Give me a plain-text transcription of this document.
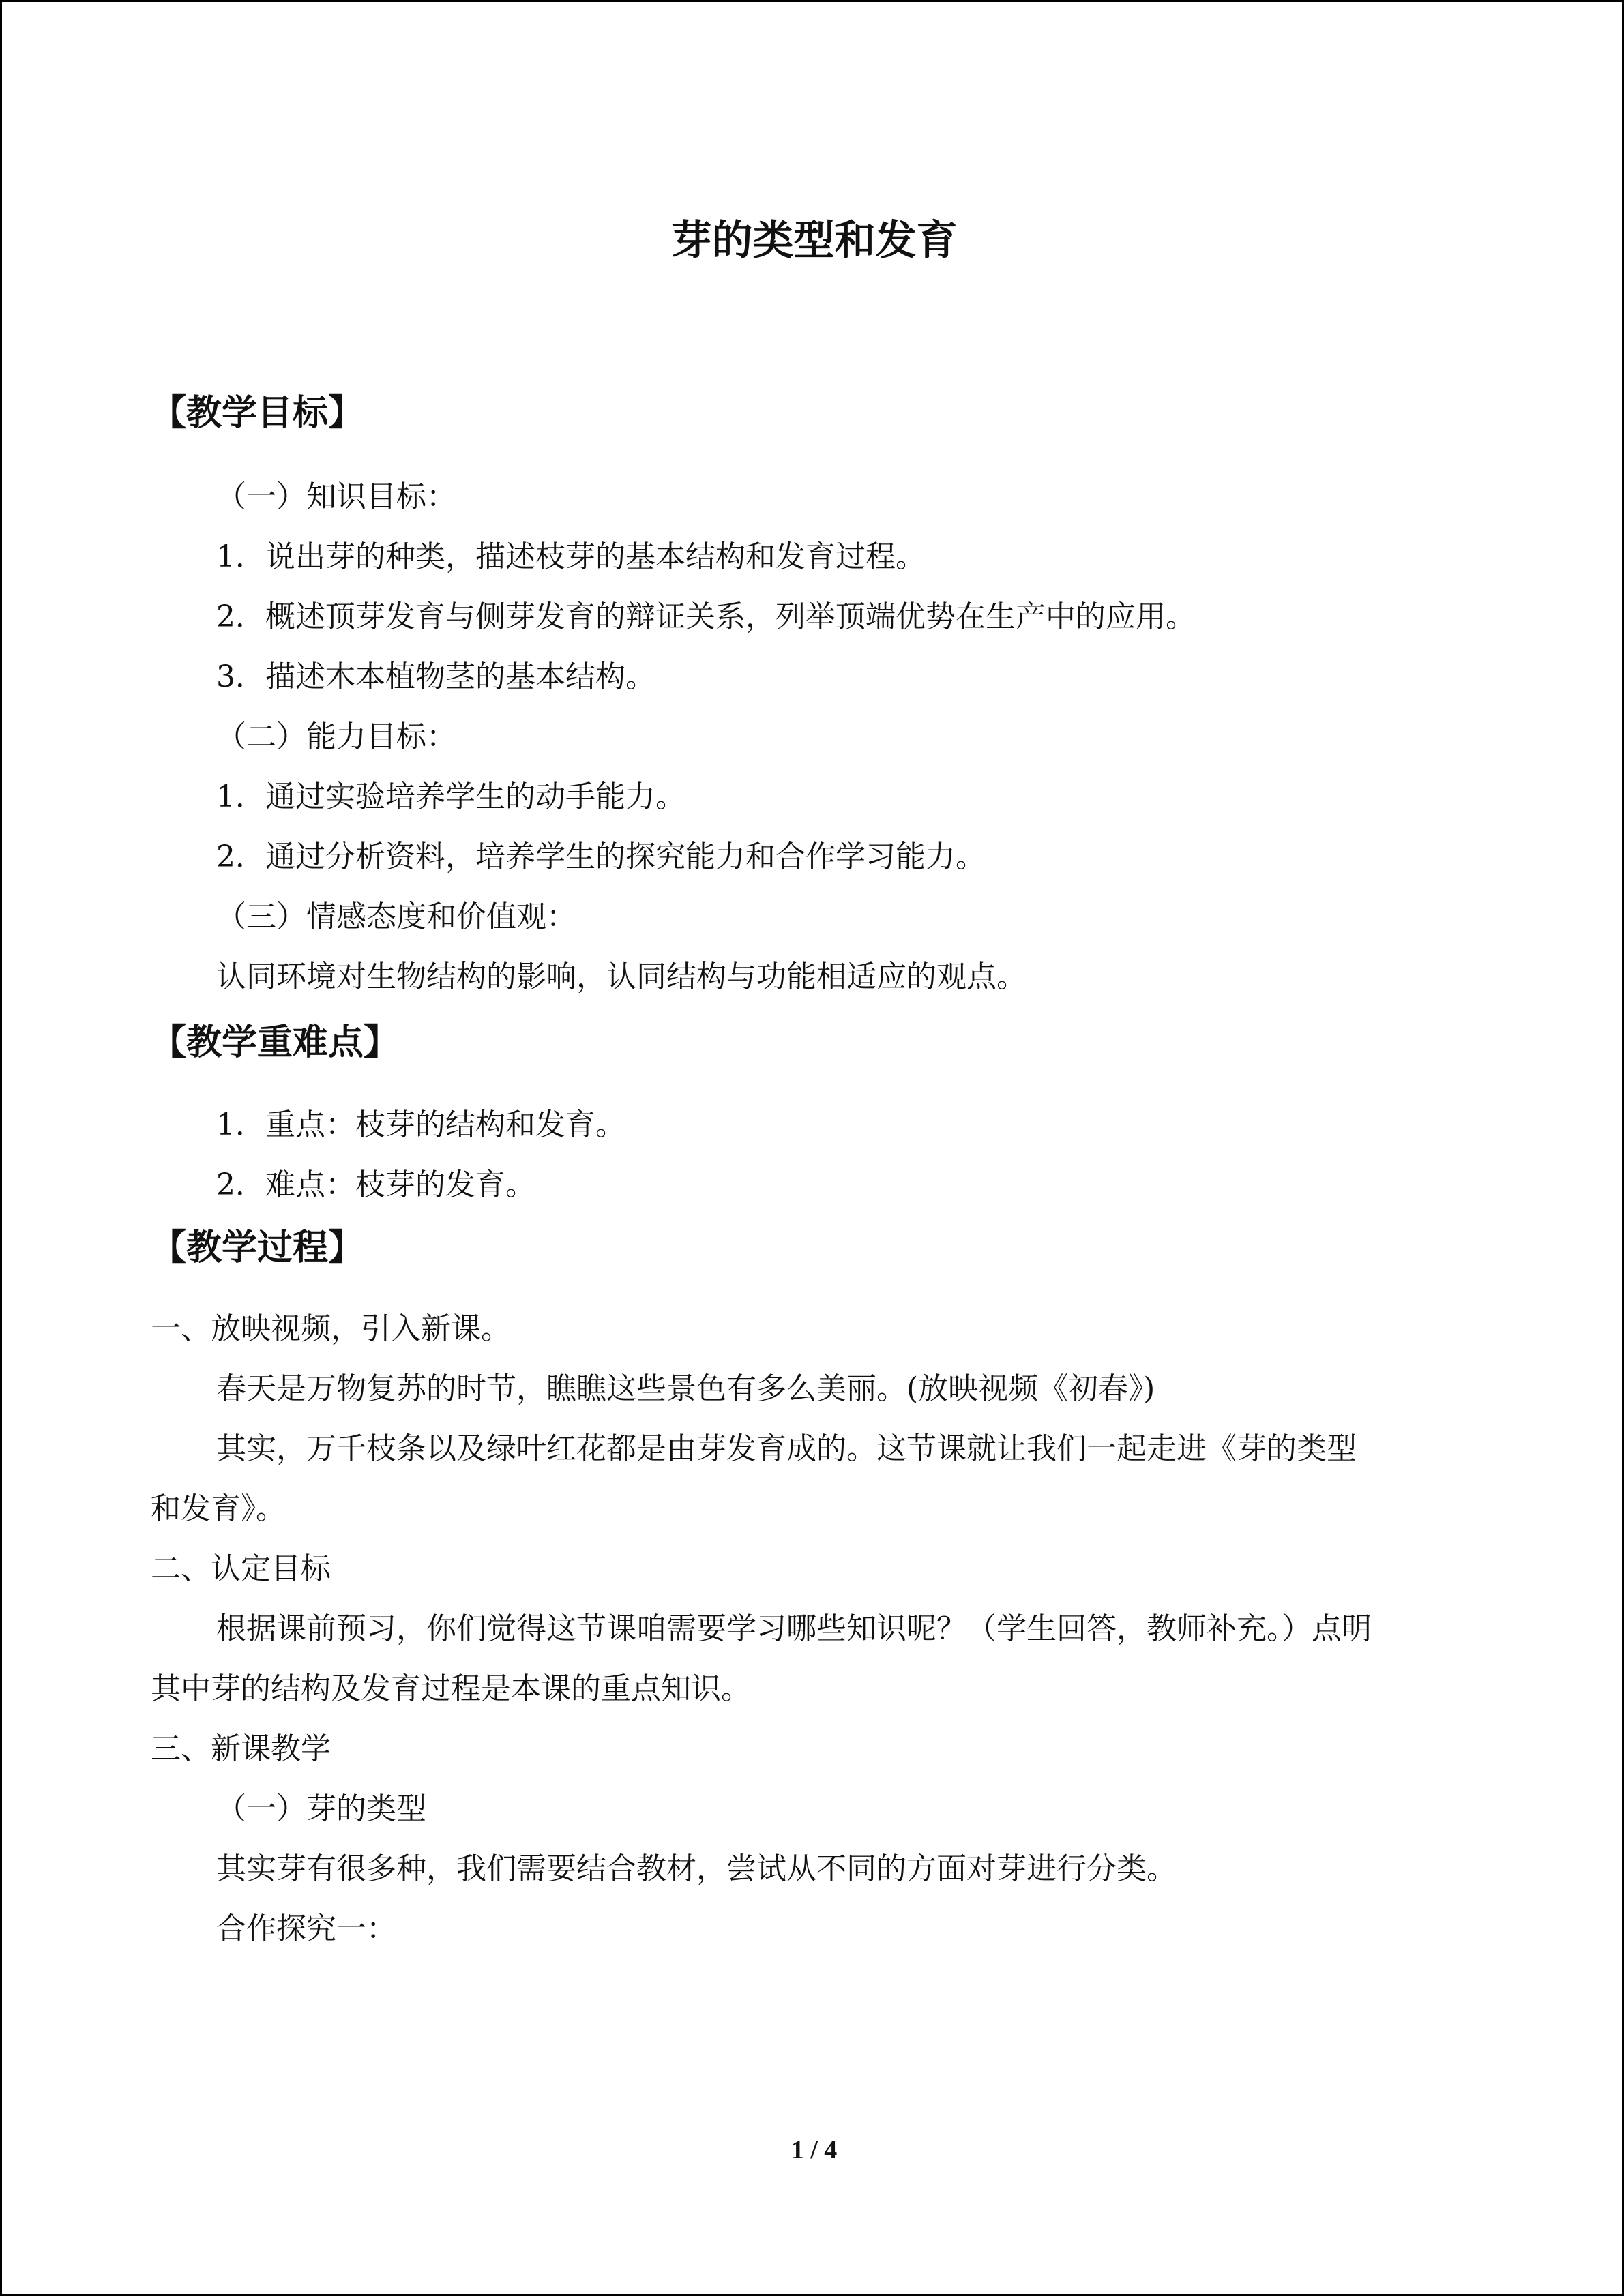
芽的类型和发育
【教学目标】
（一）知识目标：
1．说出芽的种类，描述枝芽的基本结构和发育过程。
2．概述顶芽发育与侧芽发育的辩证关系，列举顶端优势在生产中的应用。
3．描述木本植物茎的基本结构。
（二）能力目标：
1．通过实验培养学生的动手能力。
2．通过分析资料，培养学生的探究能力和合作学习能力。
（三）情感态度和价值观：
认同环境对生物结构的影响，认同结构与功能相适应的观点。
【教学重难点】
1．重点：枝芽的结构和发育。
2．难点：枝芽的发育。
【教学过程】
一、放映视频，引入新课。
春天是万物复苏的时节，瞧瞧这些景色有多么美丽。(放映视频《初春》)
其实，万千枝条以及绿叶红花都是由芽发育成的。这节课就让我们一起走进《芽的类型
和发育》。
二、认定目标
根据课前预习，你们觉得这节课咱需要学习哪些知识呢？（学生回答，教师补充。）点明
其中芽的结构及发育过程是本课的重点知识。
三、新课教学
（一）芽的类型
其实芽有很多种，我们需要结合教材，尝试从不同的方面对芽进行分类。
合作探究一：
1 / 4
